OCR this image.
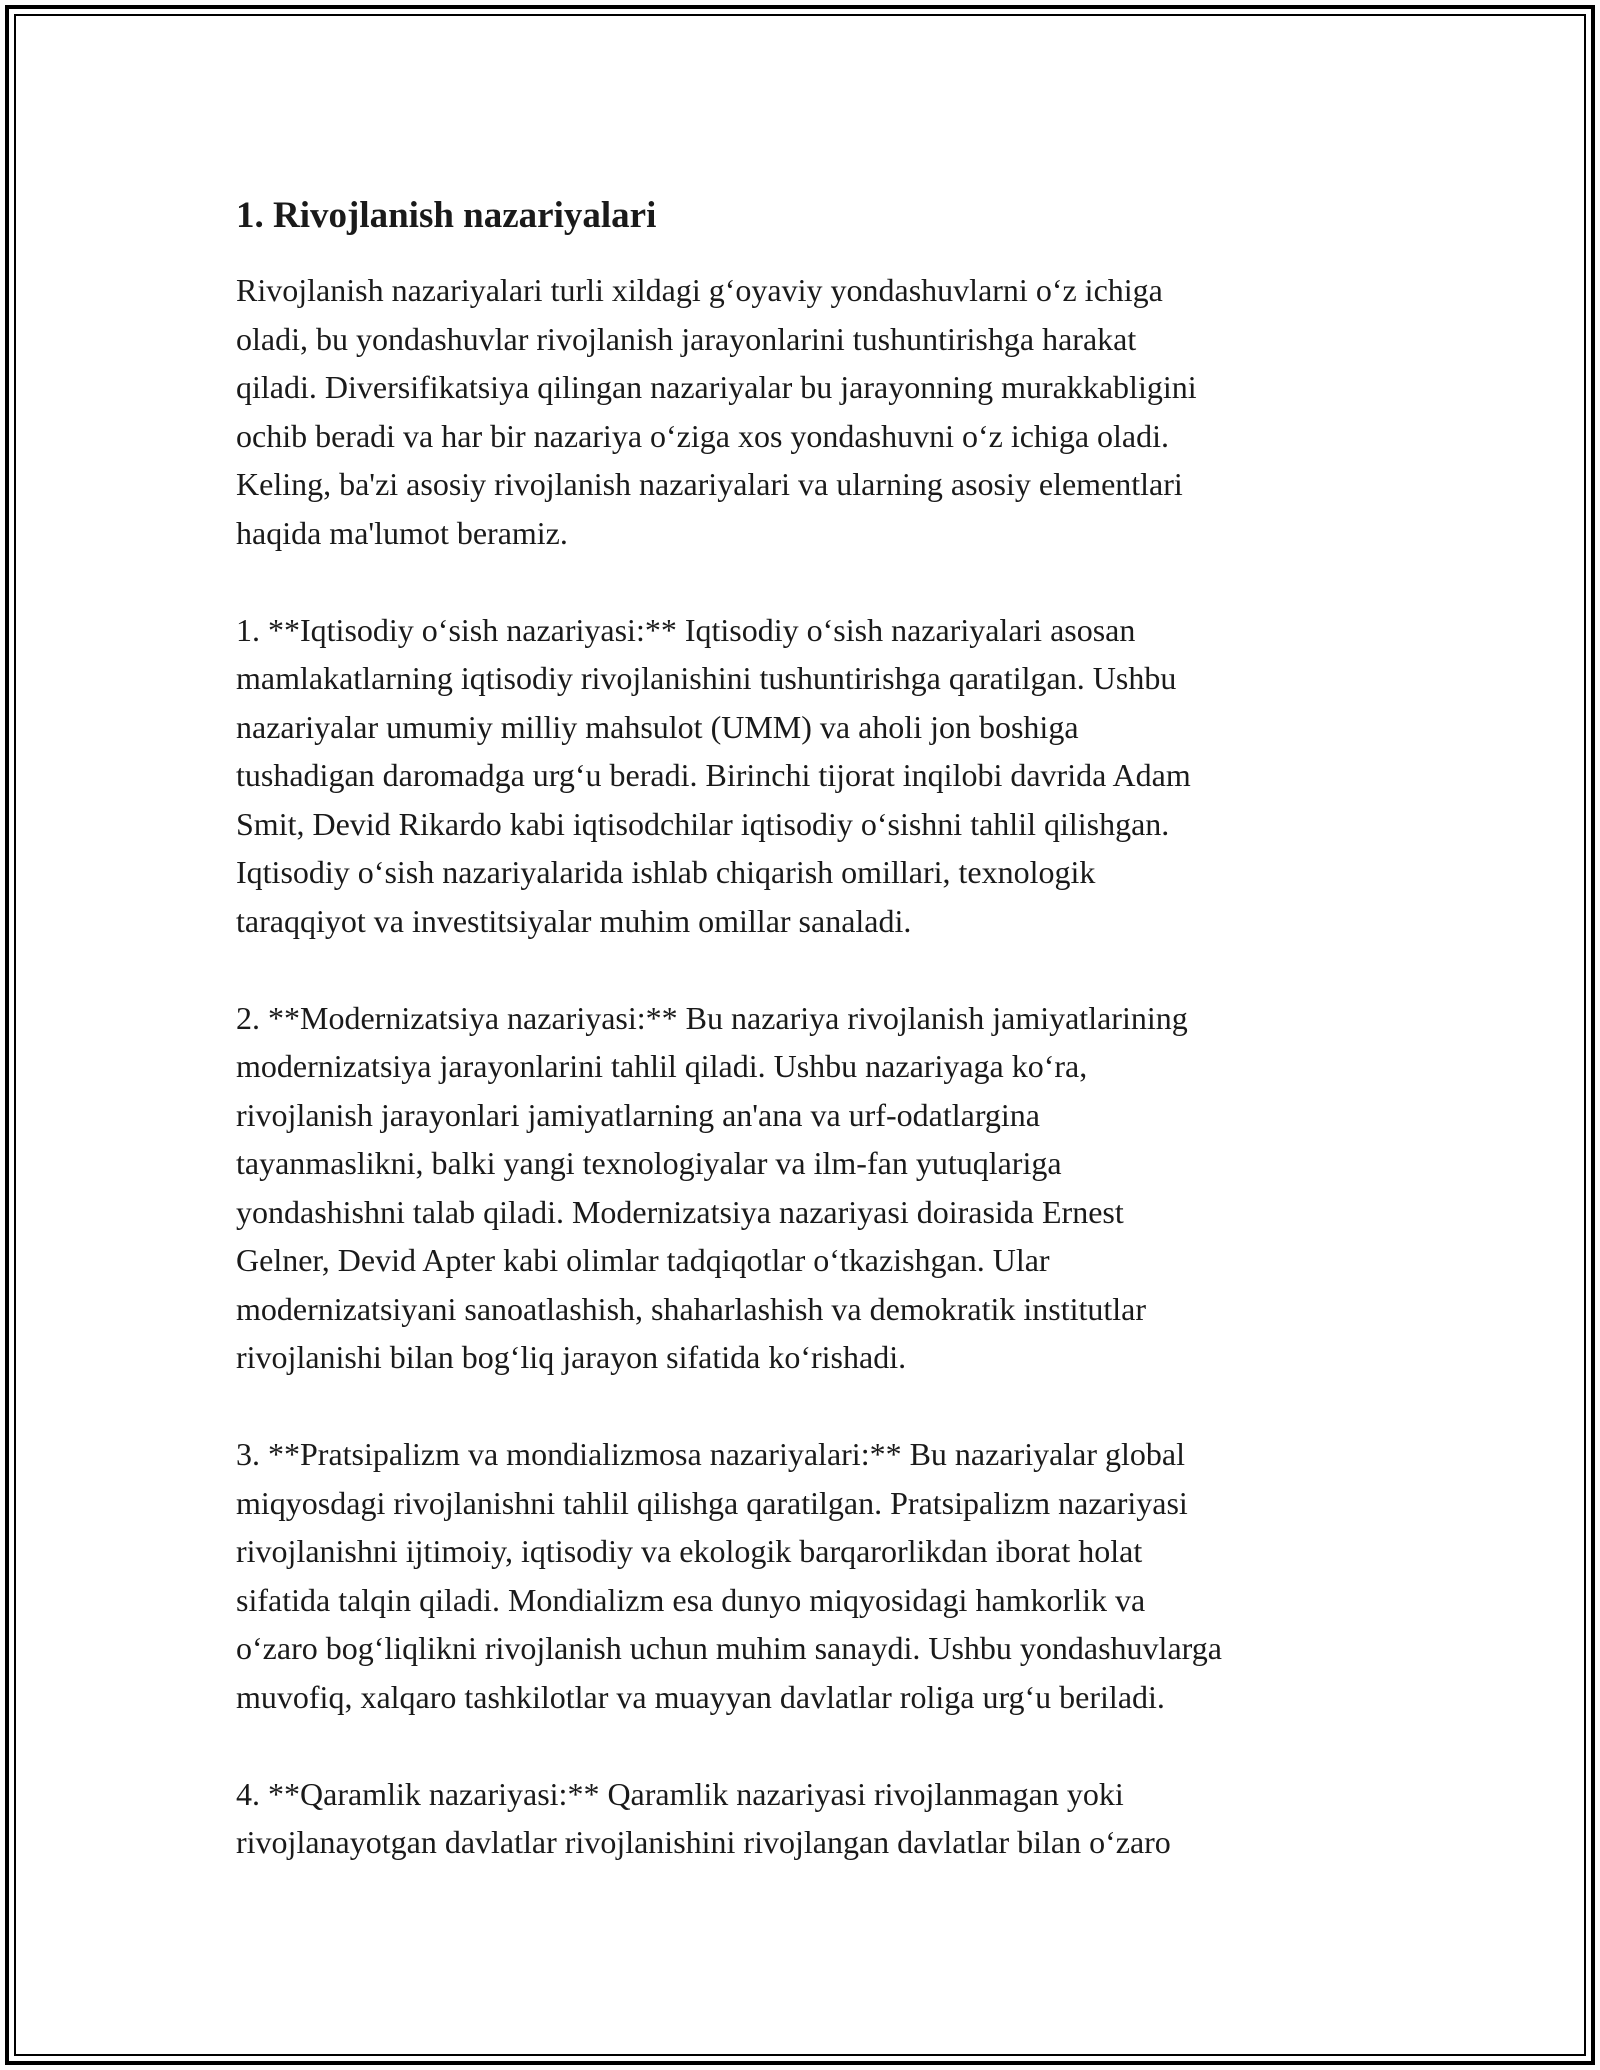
1. Rivojlanish nazariyalari
Rivojlanish nazariyalari turli xildagi gʻoyaviy yondashuvlarni oʻz ichiga
oladi, bu yondashuvlar rivojlanish jarayonlarini tushuntirishga harakat
qiladi. Diversifikatsiya qilingan nazariyalar bu jarayonning murakkabligini
ochib beradi va har bir nazariya oʻziga xos yondashuvni oʻz ichiga oladi.
Keling, ba'zi asosiy rivojlanish nazariyalari va ularning asosiy elementlari
haqida ma'lumot beramiz.
1. **Iqtisodiy oʻsish nazariyasi:** Iqtisodiy oʻsish nazariyalari asosan
mamlakatlarning iqtisodiy rivojlanishini tushuntirishga qaratilgan. Ushbu
nazariyalar umumiy milliy mahsulot (UMM) va aholi jon boshiga
tushadigan daromadga urgʻu beradi. Birinchi tijorat inqilobi davrida Adam
Smit, Devid Rikardo kabi iqtisodchilar iqtisodiy oʻsishni tahlil qilishgan.
Iqtisodiy oʻsish nazariyalarida ishlab chiqarish omillari, texnologik
taraqqiyot va investitsiyalar muhim omillar sanaladi.
2. **Modernizatsiya nazariyasi:** Bu nazariya rivojlanish jamiyatlarining
modernizatsiya jarayonlarini tahlil qiladi. Ushbu nazariyaga koʻra,
rivojlanish jarayonlari jamiyatlarning an'ana va urf-odatlargina
tayanmaslikni, balki yangi texnologiyalar va ilm-fan yutuqlariga
yondashishni talab qiladi. Modernizatsiya nazariyasi doirasida Ernest
Gelner, Devid Apter kabi olimlar tadqiqotlar oʻtkazishgan. Ular
modernizatsiyani sanoatlashish, shaharlashish va demokratik institutlar
rivojlanishi bilan bogʻliq jarayon sifatida koʻrishadi.
3. **Pratsipalizm va mondializmosa nazariyalari:** Bu nazariyalar global
miqyosdagi rivojlanishni tahlil qilishga qaratilgan. Pratsipalizm nazariyasi
rivojlanishni ijtimoiy, iqtisodiy va ekologik barqarorlikdan iborat holat
sifatida talqin qiladi. Mondializm esa dunyo miqyosidagi hamkorlik va
oʻzaro bogʻliqlikni rivojlanish uchun muhim sanaydi. Ushbu yondashuvlarga
muvofiq, xalqaro tashkilotlar va muayyan davlatlar roliga urgʻu beriladi.
4. **Qaramlik nazariyasi:** Qaramlik nazariyasi rivojlanmagan yoki
rivojlanayotgan davlatlar rivojlanishini rivojlangan davlatlar bilan oʻzaro
